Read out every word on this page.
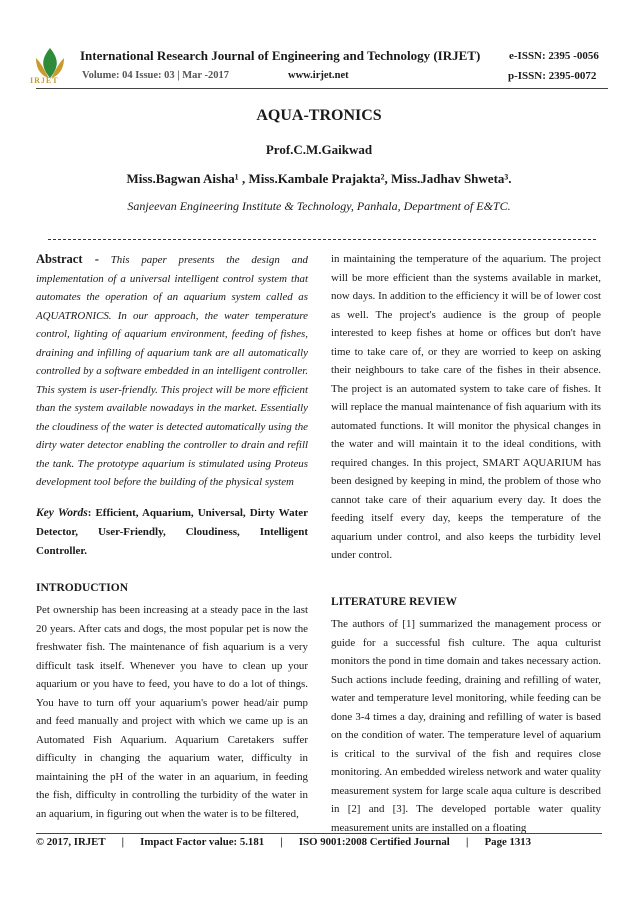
IRJET
International Research Journal of Engineering and Technology (IRJET)	e-ISSN: 2395 -0056
Volume: 04 Issue: 03 | Mar -2017	www.irjet.net	p-ISSN: 2395-0072
AQUA-TRONICS
Prof.C.M.Gaikwad
Miss.Bagwan Aisha¹ , Miss.Kambale Prajakta², Miss.Jadhav Shweta³.
Sanjeevan Engineering Institute & Technology, Panhala, Department of E&TC.

Abstract - This paper presents the design and implementation of a universal intelligent control system that automates the operation of an aquarium system called as AQUATRONICS. In our approach, the water temperature control, lighting of aquarium environment, feeding of fishes, draining and infilling of aquarium tank are all automatically controlled by a software embedded in an intelligent controller. This system is user-friendly. This project will be more efficient than the system available nowadays in the market. Essentially the cloudiness of the water is detected automatically using the dirty water detector enabling the controller to drain and refill the tank. The prototype aquarium is stimulated using Proteus development tool before the building of the physical system

Key Words: Efficient, Aquarium, Universal, Dirty Water Detector, User-Friendly, Cloudiness, Intelligent Controller.

INTRODUCTION

Pet ownership has been increasing at a steady pace in the last 20 years. After cats and dogs, the most popular pet is now the freshwater fish. The maintenance of fish aquarium is a very difficult task itself. Whenever you have to clean up your aquarium or you have to feed, you have to do a lot of things. You have to turn off your aquarium's power head/air pump and feed manually and project with which we came up is an Automated Fish Aquarium. Aquarium Caretakers suffer difficulty in changing the aquarium water, difficulty in maintaining the pH of the water in an aquarium, in feeding the fish, difficulty in controlling the turbidity of the water in an aquarium, in figuring out when the water is to be filtered,

in maintaining the temperature of the aquarium. The project will be more efficient than the systems available in market, now days. In addition to the efficiency it will be of lower cost as well. The project's audience is the group of people interested to keep fishes at home or offices but don't have time to take care of, or they are worried to keep on asking their neighbours to take care of the fishes in their absence. The project is an automated system to take care of fishes. It will replace the manual maintenance of fish aquarium with its automated functions. It will monitor the physical changes in the water and will maintain it to the ideal conditions, with required changes. In this project, SMART AQUARIUM has been designed by keeping in mind, the problem of those who cannot take care of their aquarium every day. It does the feeding itself every day, keeps the temperature of the aquarium under control, and also keeps the turbidity level under control.

LITERATURE REVIEW

The authors of [1] summarized the management process or guide for a successful fish culture. The aqua culturist monitors the pond in time domain and takes necessary action. Such actions include feeding, draining and refilling of water, water and temperature level monitoring, while feeding can be done 3-4 times a day, draining and refilling of water is based on the condition of water. The temperature level of aquarium is critical to the survival of the fish and requires close monitoring. An embedded wireless network and water quality measurement system for large scale aqua culture is described in [2] and [3]. The developed portable water quality measurement units are installed on a floating

© 2017, IRJET | Impact Factor value: 5.181 | ISO 9001:2008 Certified Journal | Page 1313
